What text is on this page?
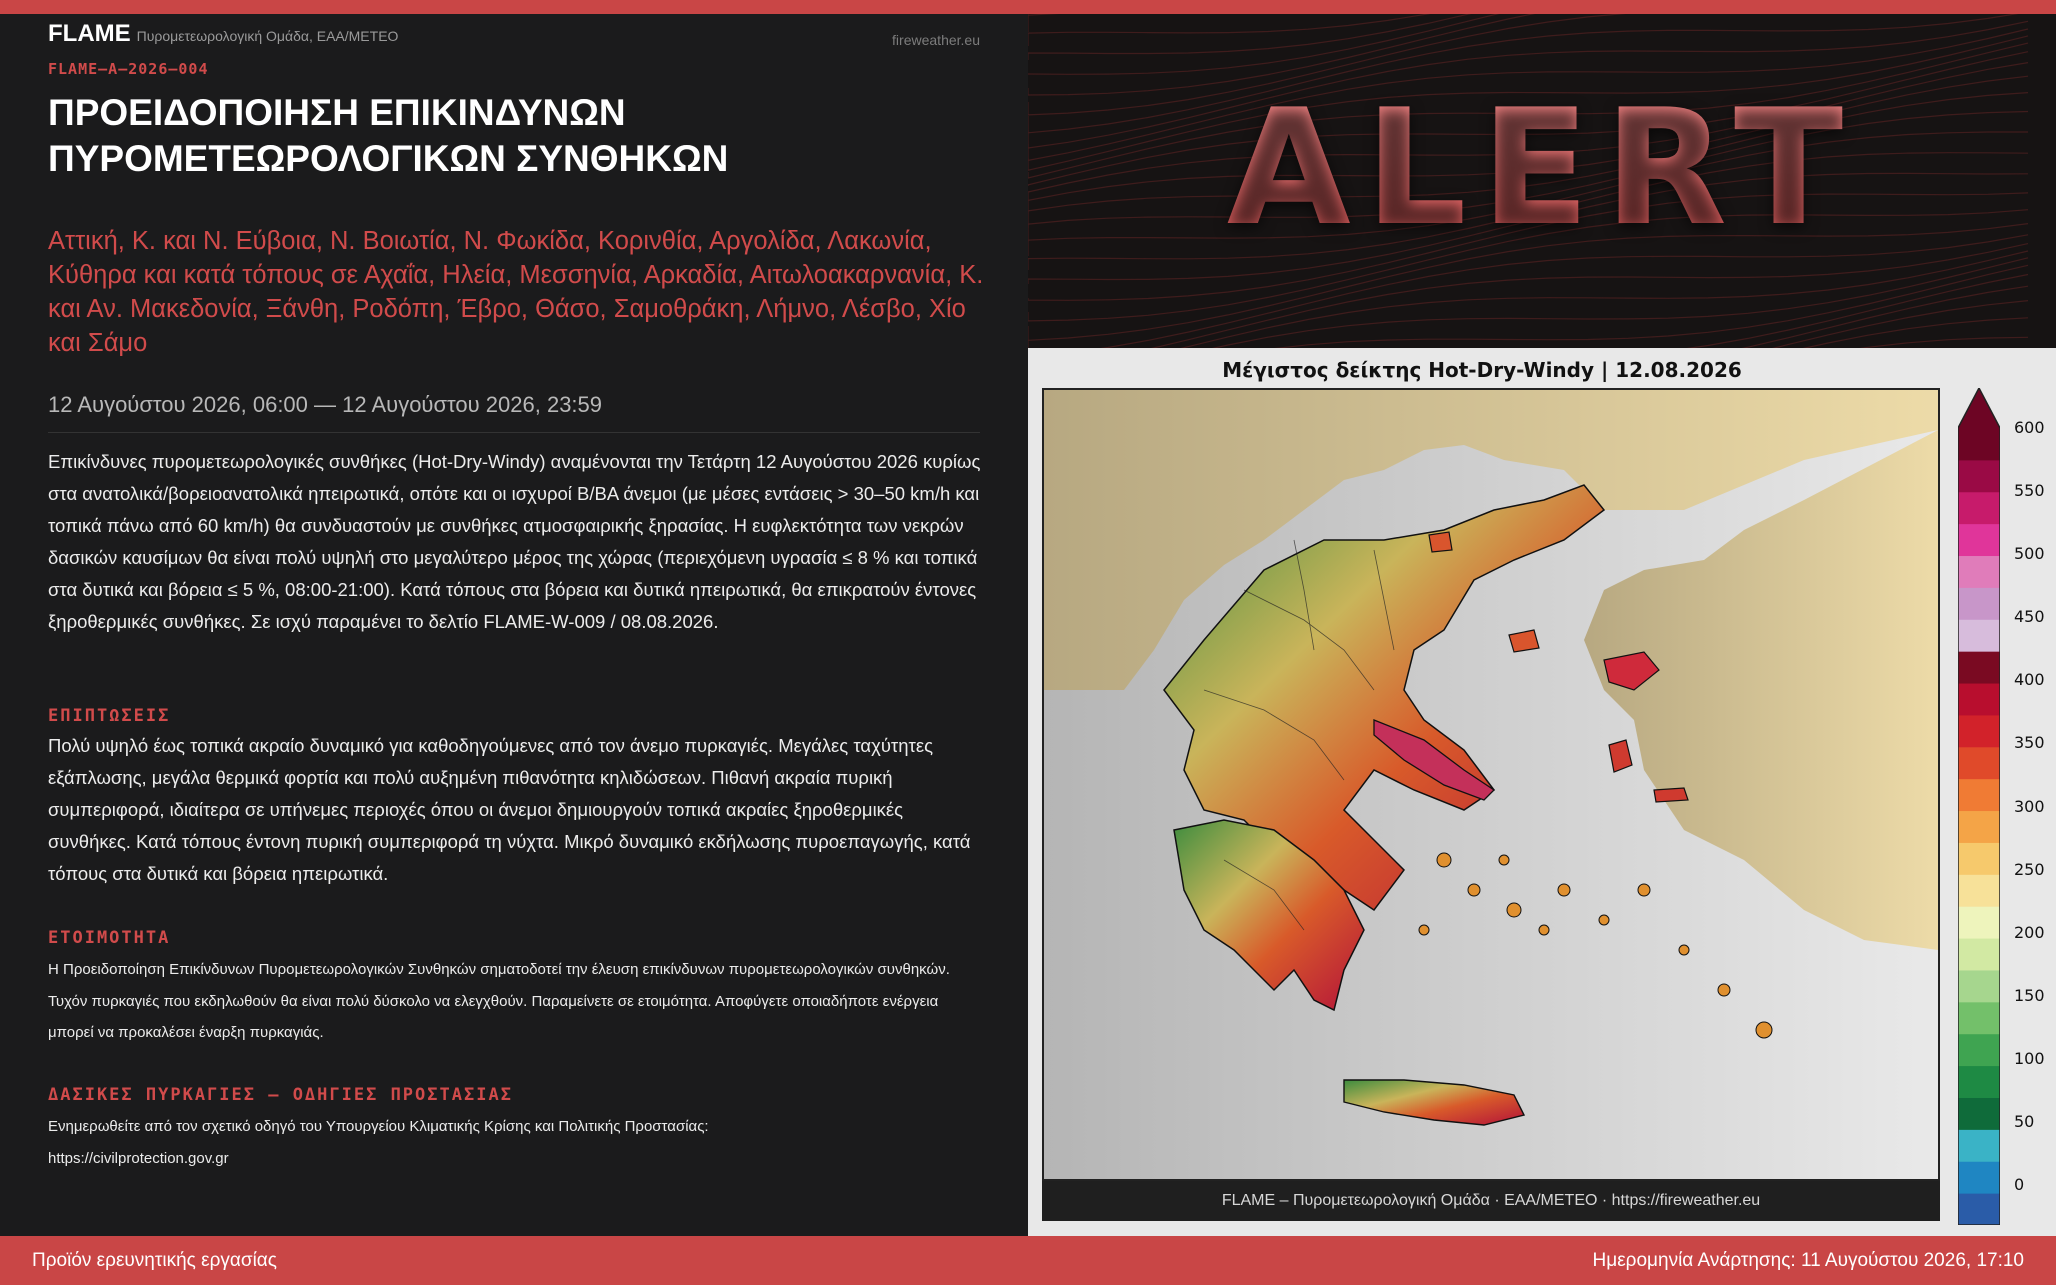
FLAME Πυρομετεωρολογική Ομάδα, ΕΑΑ/ΜΕΤΕΟ	fireweather.eu
FLAME–A–2026–004
ΠΡΟΕΙΔΟΠΟΙΗΣΗ ΕΠΙΚΙΝΔΥΝΩΝ
ΠΥΡΟΜΕΤΕΩΡΟΛΟΓΙΚΩΝ ΣΥΝΘΗΚΩΝ
Αττική, Κ. και Ν. Εύβοια, Ν. Βοιωτία, Ν. Φωκίδα, Κορινθία, Αργολίδα, Λακωνία, Κύθηρα και κατά τόπους σε Αχαΐα, Ηλεία, Μεσσηνία, Αρκαδία, Αιτωλοακαρνανία, Κ. και Αν. Μακεδονία, Ξάνθη, Ροδόπη, Έβρο, Θάσο, Σαμοθράκη, Λήμνο, Λέσβο, Χίο και Σάμο
12 Αυγούστου 2026, 06:00 — 12 Αυγούστου 2026, 23:59
Επικίνδυνες πυρομετεωρολογικές συνθήκες (Hot-Dry-Windy) αναμένονται την Τετάρτη 12 Αυγούστου 2026 κυρίως στα ανατολικά/βορειοανατολικά ηπειρωτικά, οπότε και οι ισχυροί Β/ΒΑ άνεμοι (με μέσες εντάσεις > 30–50 km/h και τοπικά πάνω από 60 km/h) θα συνδυαστούν με συνθήκες ατμοσφαιρικής ξηρασίας. Η ευφλεκτότητα των νεκρών δασικών καυσίμων θα είναι πολύ υψηλή στο μεγαλύτερο μέρος της χώρας (περιεχόμενη υγρασία ≤ 8 % και τοπικά στα δυτικά και βόρεια ≤ 5 %, 08:00-21:00). Κατά τόπους στα βόρεια και δυτικά ηπειρωτικά, θα επικρατούν έντονες ξηροθερμικές συνθήκες. Σε ισχύ παραμένει το δελτίο FLAME-W-009 / 08.08.2026.
ΕΠΙΠΤΩΣΕΙΣ
Πολύ υψηλό έως τοπικά ακραίο δυναμικό για καθοδηγούμενες από τον άνεμο πυρκαγιές. Μεγάλες ταχύτητες εξάπλωσης, μεγάλα θερμικά φορτία και πολύ αυξημένη πιθανότητα κηλιδώσεων. Πιθανή ακραία πυρική συμπεριφορά, ιδιαίτερα σε υπήνεμες περιοχές όπου οι άνεμοι δημιουργούν τοπικά ακραίες ξηροθερμικές συνθήκες. Κατά τόπους έντονη πυρική συμπεριφορά τη νύχτα. Μικρό δυναμικό εκδήλωσης πυροεπαγωγής, κατά τόπους στα δυτικά και βόρεια ηπειρωτικά.
ΕΤΟΙΜΟΤΗΤΑ
Η Προειδοποίηση Επικίνδυνων Πυρομετεωρολογικών Συνθηκών σηματοδοτεί την έλευση επικίνδυνων πυρομετεωρολογικών συνθηκών. Τυχόν πυρκαγιές που εκδηλωθούν θα είναι πολύ δύσκολο να ελεγχθούν. Παραμείνετε σε ετοιμότητα. Αποφύγετε οποιαδήποτε ενέργεια μπορεί να προκαλέσει έναρξη πυρκαγιάς.
ΔΑΣΙΚΕΣ ΠΥΡΚΑΓΙΕΣ – ΟΔΗΓΙΕΣ ΠΡΟΣΤΑΣΙΑΣ
Ενημερωθείτε από τον σχετικό οδηγό του Υπουργείου Κλιματικής Κρίσης και Πολιτικής Προστασίας:
https://civilprotection.gov.gr
ALERT
Μέγιστος δείκτης Hot-Dry-Windy | 12.08.2026
FLAME – Πυρομετεωρολογική Ομάδα · ΕΑΑ/ΜΕΤΕΟ · https://fireweather.eu
0
50
100
150
200
250
300
350
400
450
500
550
600
Προϊόν ερευνητικής εργασίας	Ημερομηνία Ανάρτησης: 11 Αυγούστου 2026, 17:10
